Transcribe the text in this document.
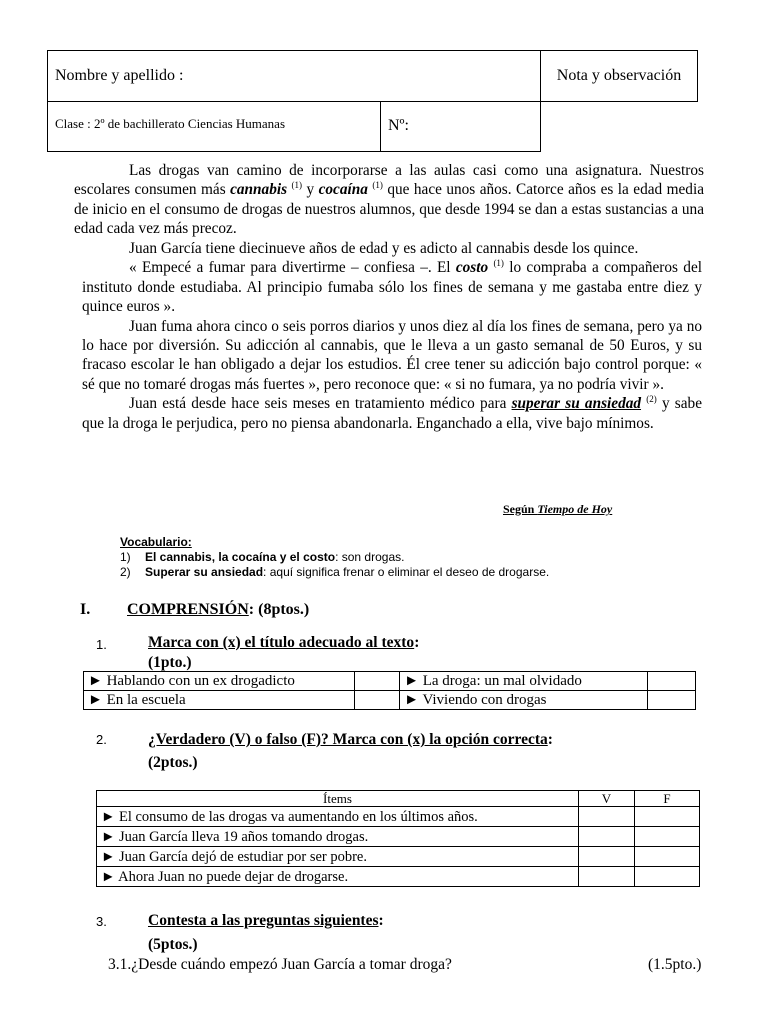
Nombre y apellido :		Nota y observación
Clase : 2º de bachillerato Ciencias Humanas	Nº:	

Las drogas van camino de incorporarse a las aulas casi como una asignatura. Nuestros escolares consumen más cannabis $^{(1)}$ y cocaína $^{(1)}$ que hace unos años. Catorce años es la edad media de inicio en el consumo de drogas de nuestros alumnos, que desde 1994 se dan a estas sustancias a una edad cada vez más precoz.

Juan García tiene diecinueve años de edad y es adicto al cannabis desde los quince.

« Empecé a fumar para divertirme – confiesa –. El costo $^{(1)}$ lo compraba a compañeros del instituto donde estudiaba. Al principio fumaba sólo los fines de semana y me gastaba entre diez y quince euros ».

Juan fuma ahora cinco o seis porros diarios y unos diez al día los fines de semana, pero ya no lo hace por diversión. Su adicción al cannabis, que le lleva a un gasto semanal de 50 Euros, y su fracaso escolar le han obligado a dejar los estudios. Él cree tener su adicción bajo control porque: « sé que no tomaré drogas más fuertes », pero reconoce que: « si no fumara, ya no podría vivir ».

Juan está desde hace seis meses en tratamiento médico para superar su ansiedad $^{(2)}$ y sabe que la droga le perjudica, pero no piensa abandonarla. Enganchado a ella, vive bajo mínimos.

Según Tiempo de Hoy
Vocabulario:
1) El cannabis, la cocaína y el costo: son drogas.
2) Superar su ansiedad: aquí significa frenar o eliminar el deseo de drogarse.
I. COMPRENSIÓN: (8ptos.)
1.	Marca con (x) el título adecuado al texto:
(1pto.)
► Hablando con un ex drogadicto		► La droga: un mal olvidado	
► En la escuela		► Viviendo con drogas	
2.	¿Verdadero (V) o falso (F)? Marca con (x) la opción correcta:
(2ptos.)
Ítems	V	F
► El consumo de las drogas va aumentando en los últimos años.		
► Juan García lleva 19 años tomando drogas.		
► Juan García dejó de estudiar por ser pobre.		
► Ahora Juan no puede dejar de drogarse.		
3.	Contesta a las preguntas siguientes:
(5ptos.)
3.1.¿Desde cuándo empezó Juan García a tomar droga?	(1.5pto.)
